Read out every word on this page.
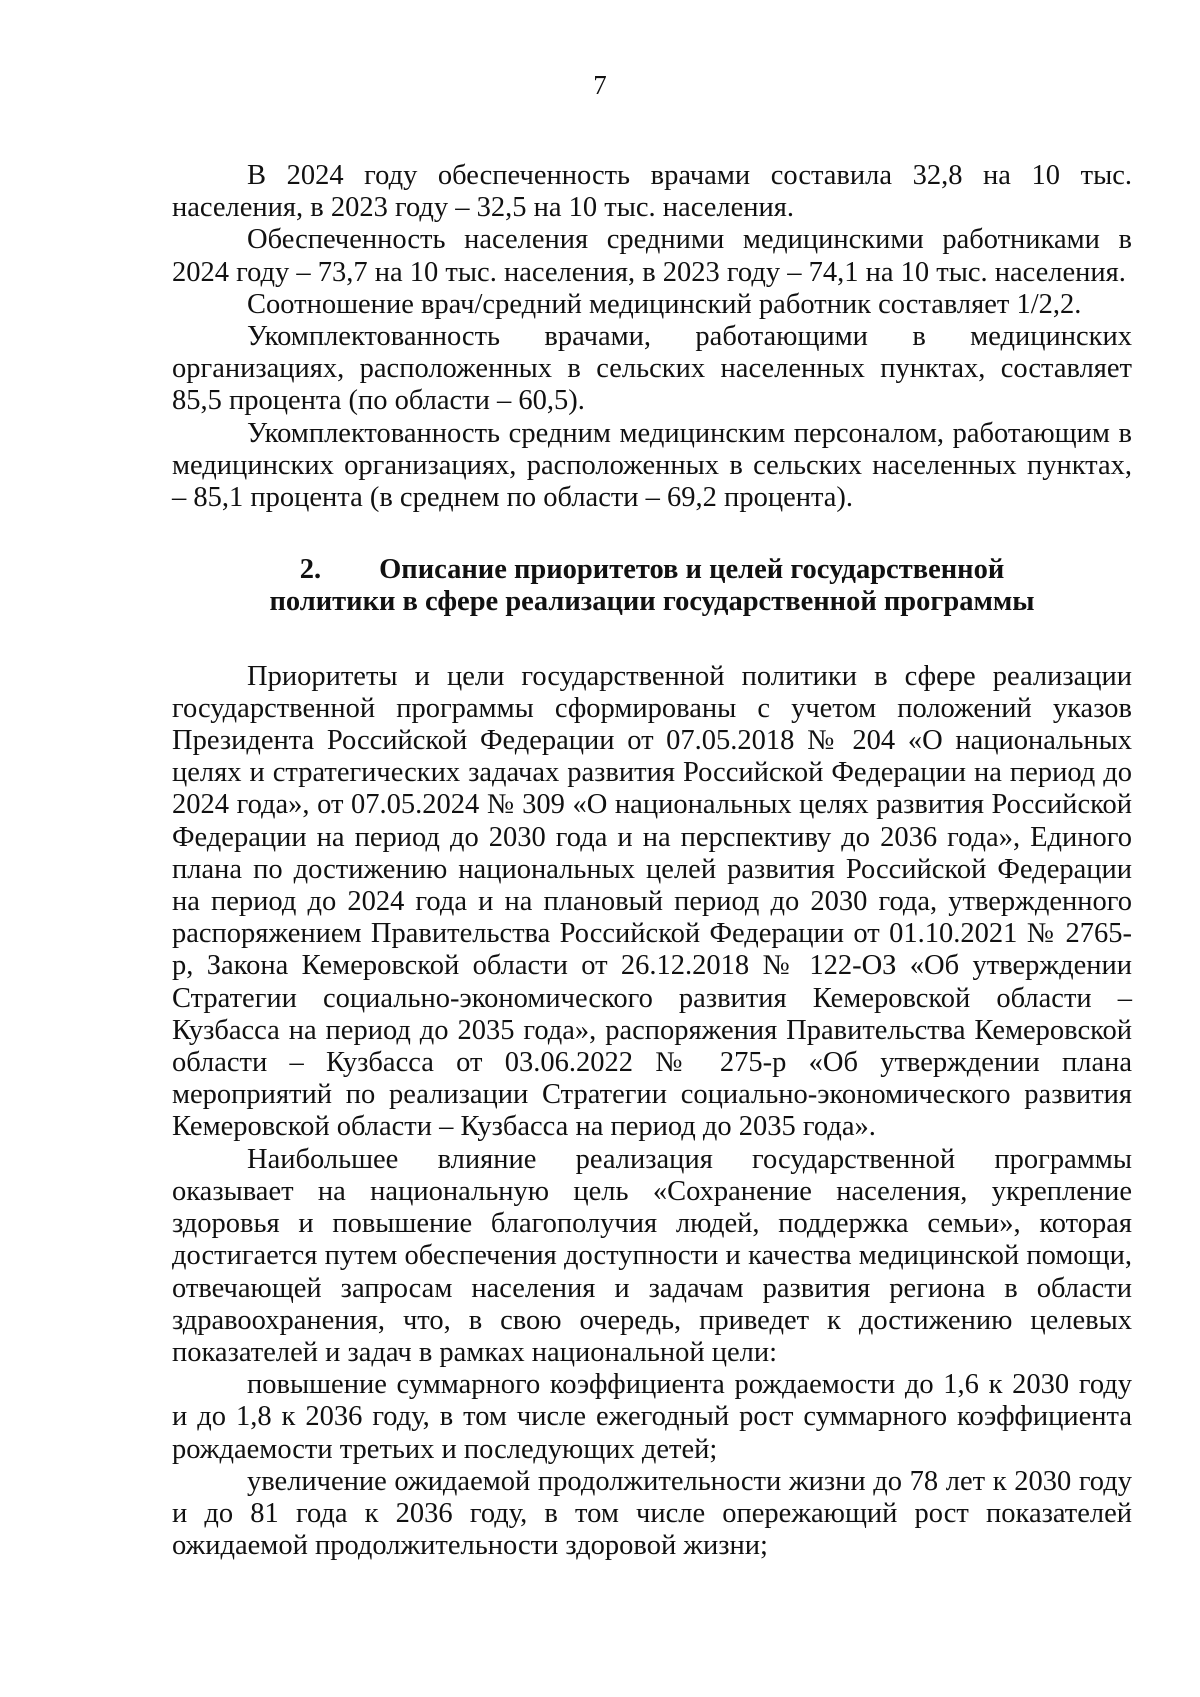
7

В 2024 году обеспеченность врачами составила 32,8 на 10 тыс. населения, в 2023 году – 32,5 на 10 тыс. населения.

Обеспеченность населения средними медицинскими работниками в 2024 году – 73,7 на 10 тыс. населения, в 2023 году – 74,1 на 10 тыс. населения.

Соотношение врач/средний медицинский работник составляет 1/2,2.

Укомплектованность врачами, работающими в медицинских организациях, расположенных в сельских населенных пунктах, составляет 85,5 процента (по области – 60,5).

Укомплектованность средним медицинским персоналом, работающим в медицинских организациях, расположенных в сельских населенных пунктах, – 85,1 процента (в среднем по области – 69,2 процента).

2. Описание приоритетов и целей государственной
политики в сфере реализации государственной программы

Приоритеты и цели государственной политики в сфере реализации государственной программы сформированы с учетом положений указов Президента Российской Федерации от 07.05.2018 № 204 «О национальных целях и стратегических задачах развития Российской Федерации на период до 2024 года», от 07.05.2024 № 309 «О национальных целях развития Российской Федерации на период до 2030 года и на перспективу до 2036 года», Единого плана по достижению национальных целей развития Российской Федерации на период до 2024 года и на плановый период до 2030 года, утвержденного распоряжением Правительства Российской Федерации от 01.10.2021 № 2765-р, Закона Кемеровской области от 26.12.2018 № 122-ОЗ «Об утверждении Стратегии социально-экономического развития Кемеровской области – Кузбасса на период до 2035 года», распоряжения Правительства Кемеровской области – Кузбасса от 03.06.2022 № 275-р «Об утверждении плана мероприятий по реализации Стратегии социально-экономического развития Кемеровской области – Кузбасса на период до 2035 года».

Наибольшее влияние реализация государственной программы оказывает на национальную цель «Сохранение населения, укрепление здоровья и повышение благополучия людей, поддержка семьи», которая достигается путем обеспечения доступности и качества медицинской помощи, отвечающей запросам населения и задачам развития региона в области здравоохранения, что, в свою очередь, приведет к достижению целевых показателей и задач в рамках национальной цели:

повышение суммарного коэффициента рождаемости до 1,6 к 2030 году и до 1,8 к 2036 году, в том числе ежегодный рост суммарного коэффициента рождаемости третьих и последующих детей;

увеличение ожидаемой продолжительности жизни до 78 лет к 2030 году и до 81 года к 2036 году, в том числе опережающий рост показателей ожидаемой продолжительности здоровой жизни;
